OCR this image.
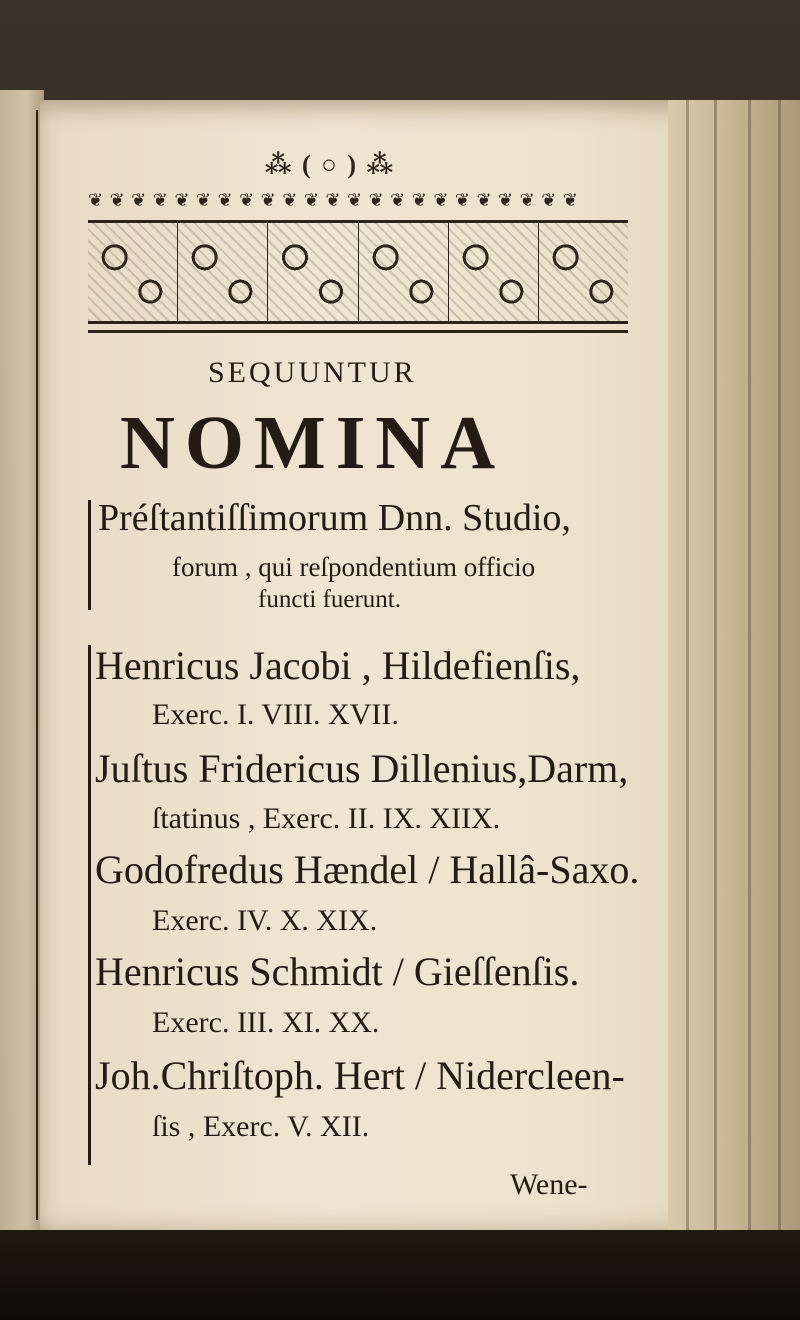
⁂ ( ○ ) ⁂
❦ ❦ ❦ ❦ ❦ ❦ ❦ ❦ ❦ ❦ ❦ ❦ ❦ ❦ ❦ ❦ ❦ ❦ ❦ ❦ ❦ ❦ ❦
SEQUUNTUR
NOMINA
Préſtantiſſimorum Dnn. Studio,
forum , qui reſpondentium officio
functi fuerunt.
Henricus Jacobi , Hildefienſis,
Exerc. I. VIII. XVII.
Juſtus Fridericus Dillenius,Darm,
ſtatinus , Exerc. II. IX. XIIX.
Godofredus Hændel / Hallâ-Saxo.
Exerc. IV. X. XIX.
Henricus Schmidt / Gieſſenſis.
Exerc. III. XI. XX.
Joh.Chriſtoph. Hert / Nidercleen-
ſis , Exerc. V. XII.
Wene-
